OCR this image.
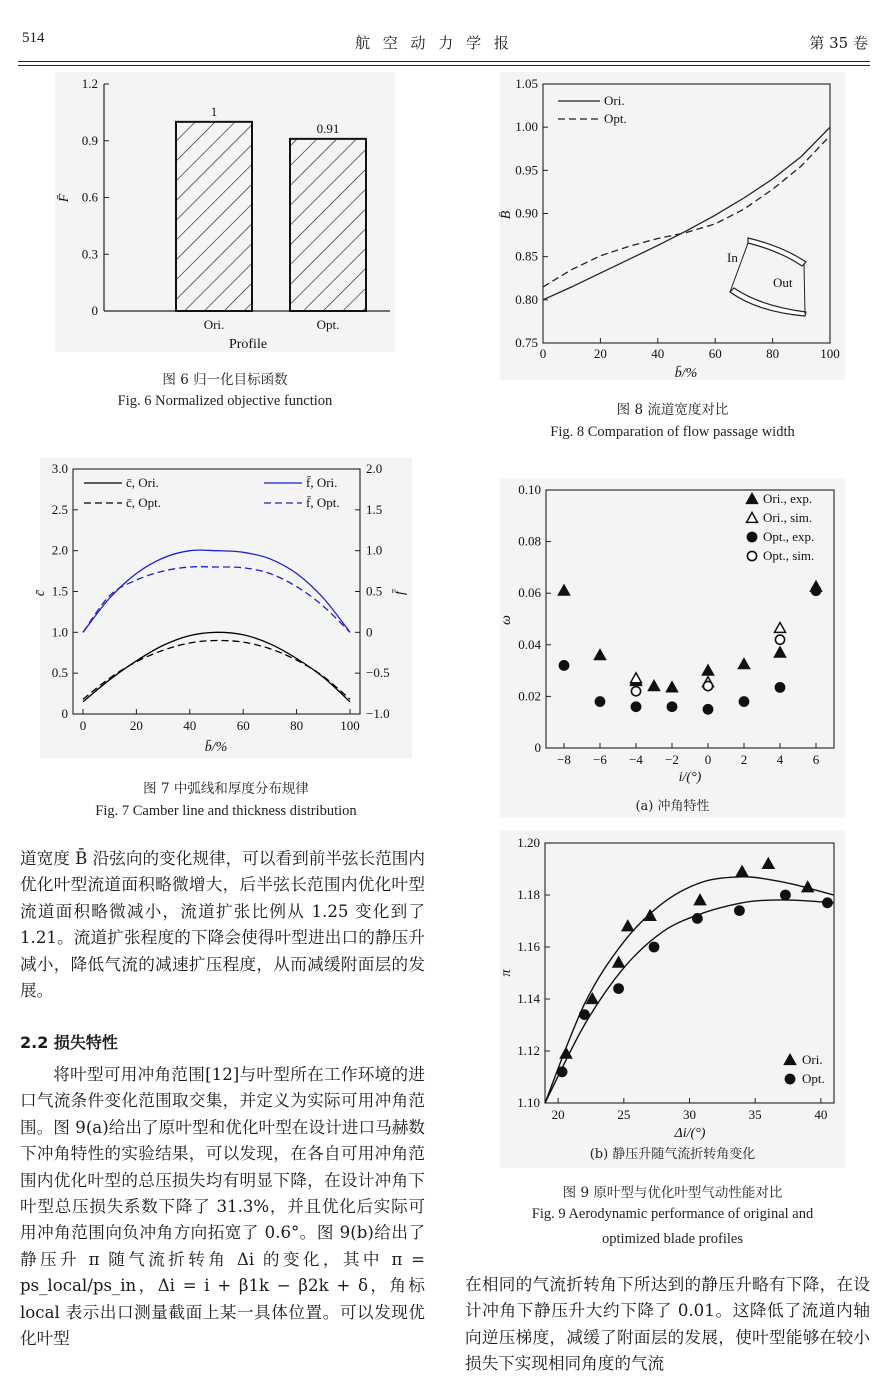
514	航 空 动 力 学 报	第 35 卷
0
0.3
0.6
0.9
1.2
1
Ori.
0.91
Opt.
Profile
F̄
图 6 归一化目标函数
Fig. 6 Normalized objective function
0	20	40	60	80	100
0.75
0.80
0.85
0.90
0.95
1.00
1.05
Ori.
Opt.
b̄/%
B̄
In
Out
图 8 流道宽度对比
Fig. 8 Comparation of flow passage width
0	20	40	60	80	100
0
0.5
1.0
1.5
2.0
2.5
3.0
−1.0
−0.5
0
0.5
1.0
1.5
2.0
c̄, Ori.
c̄, Opt.
f̄, Ori.
f̄, Opt.
b̄/%
c̄	f̄
图 7 中弧线和厚度分布规律
Fig. 7 Camber line and thickness distribution
−8 −6 −4 −2 0 2 4 6
0
0.02
0.04
0.06
0.08
0.10
Ori., exp.
Ori., sim.
Opt., exp.
Opt., sim.
i/(°)
ω
(a) 冲角特性
20	25	30	35	40
1.10
1.12
1.14
1.16
1.18
1.20
Ori.
Opt.
Δi/(°)
π
(b) 静压升随气流折转角变化
图 9 原叶型与优化叶型气动性能对比
Fig. 9 Aerodynamic performance of original and
optimized blade profiles

道宽度 B̄ 沿弦向的变化规律，可以看到前半弦长范围内优化叶型流道面积略微增大，后半弦长范围内优化叶型流道面积略微减小，流道扩张比例从 1.25 变化到了 1.21。流道扩张程度的下降会使得叶型进出口的静压升减小，降低气流的减速扩压程度，从而减缓附面层的发展。

2.2 损失特性

将叶型可用冲角范围[12]与叶型所在工作环境的进口气流条件变化范围取交集，并定义为实际可用冲角范围。图 9(a)给出了原叶型和优化叶型在设计进口马赫数下冲角特性的实验结果，可以发现，在各自可用冲角范围内优化叶型的总压损失均有明显下降，在设计冲角下叶型总压损失系数下降了 31.3%，并且优化后实际可用冲角范围向负冲角方向拓宽了 0.6°。图 9(b)给出了静压升 π 随气流折转角 Δi 的变化，其中 π = ps_local/ps_in，Δi = i + β1k − β2k + δ，角标 local 表示出口测量截面上某一具体位置。可以发现优化叶型

在相同的气流折转角下所达到的静压升略有下降，在设计冲角下静压升大约下降了 0.01。这降低了流道内轴向逆压梯度，减缓了附面层的发展，使叶型能够在较小损失下实现相同角度的气流
